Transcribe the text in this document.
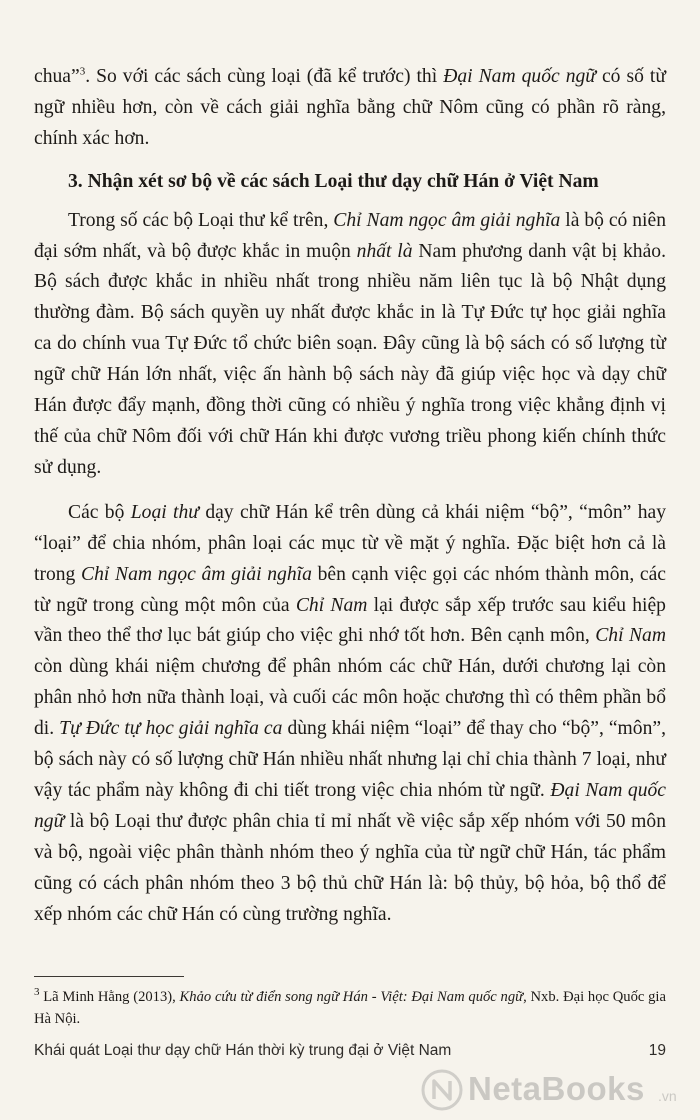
chua”$^3$. So với các sách cùng loại (đã kể trước) thì Đại Nam quốc ngữ có số từ ngữ nhiều hơn, còn về cách giải nghĩa bằng chữ Nôm cũng có phần rõ ràng, chính xác hơn.

3. Nhận xét sơ bộ về các sách Loại thư dạy chữ Hán ở Việt Nam

Trong số các bộ Loại thư kể trên, Chỉ Nam ngọc âm giải nghĩa là bộ có niên đại sớm nhất, và bộ được khắc in muộn nhất là Nam phương danh vật bị khảo. Bộ sách được khắc in nhiều nhất trong nhiều năm liên tục là bộ Nhật dụng thường đàm. Bộ sách quyền uy nhất được khắc in là Tự Đức tự học giải nghĩa ca do chính vua Tự Đức tổ chức biên soạn. Đây cũng là bộ sách có số lượng từ ngữ chữ Hán lớn nhất, việc ấn hành bộ sách này đã giúp việc học và dạy chữ Hán được đẩy mạnh, đồng thời cũng có nhiều ý nghĩa trong việc khẳng định vị thế của chữ Nôm đối với chữ Hán khi được vương triều phong kiến chính thức sử dụng.

Các bộ Loại thư dạy chữ Hán kể trên dùng cả khái niệm “bộ”, “môn” hay “loại” để chia nhóm, phân loại các mục từ về mặt ý nghĩa. Đặc biệt hơn cả là trong Chỉ Nam ngọc âm giải nghĩa bên cạnh việc gọi các nhóm thành môn, các từ ngữ trong cùng một môn của Chỉ Nam lại được sắp xếp trước sau kiểu hiệp vần theo thể thơ lục bát giúp cho việc ghi nhớ tốt hơn. Bên cạnh môn, Chỉ Nam còn dùng khái niệm chương để phân nhóm các chữ Hán, dưới chương lại còn phân nhỏ hơn nữa thành loại, và cuối các môn hoặc chương thì có thêm phần bổ di. Tự Đức tự học giải nghĩa ca dùng khái niệm “loại” để thay cho “bộ”, “môn”, bộ sách này có số lượng chữ Hán nhiều nhất nhưng lại chỉ chia thành 7 loại, như vậy tác phẩm này không đi chi tiết trong việc chia nhóm từ ngữ. Đại Nam quốc ngữ là bộ Loại thư được phân chia tỉ mỉ nhất về việc sắp xếp nhóm với 50 môn và bộ, ngoài việc phân thành nhóm theo ý nghĩa của từ ngữ chữ Hán, tác phẩm cũng có cách phân nhóm theo 3 bộ thủ chữ Hán là: bộ thủy, bộ hỏa, bộ thổ để xếp nhóm các chữ Hán có cùng trường nghĩa.

$^3$ Lã Minh Hằng (2013), Khảo cứu từ điển song ngữ Hán - Việt: Đại Nam quốc ngữ, Nxb. Đại học Quốc gia Hà Nội.
Khái quát Loại thư dạy chữ Hán thời kỳ trung đại ở Việt Nam	19
NetaBooks .vn
